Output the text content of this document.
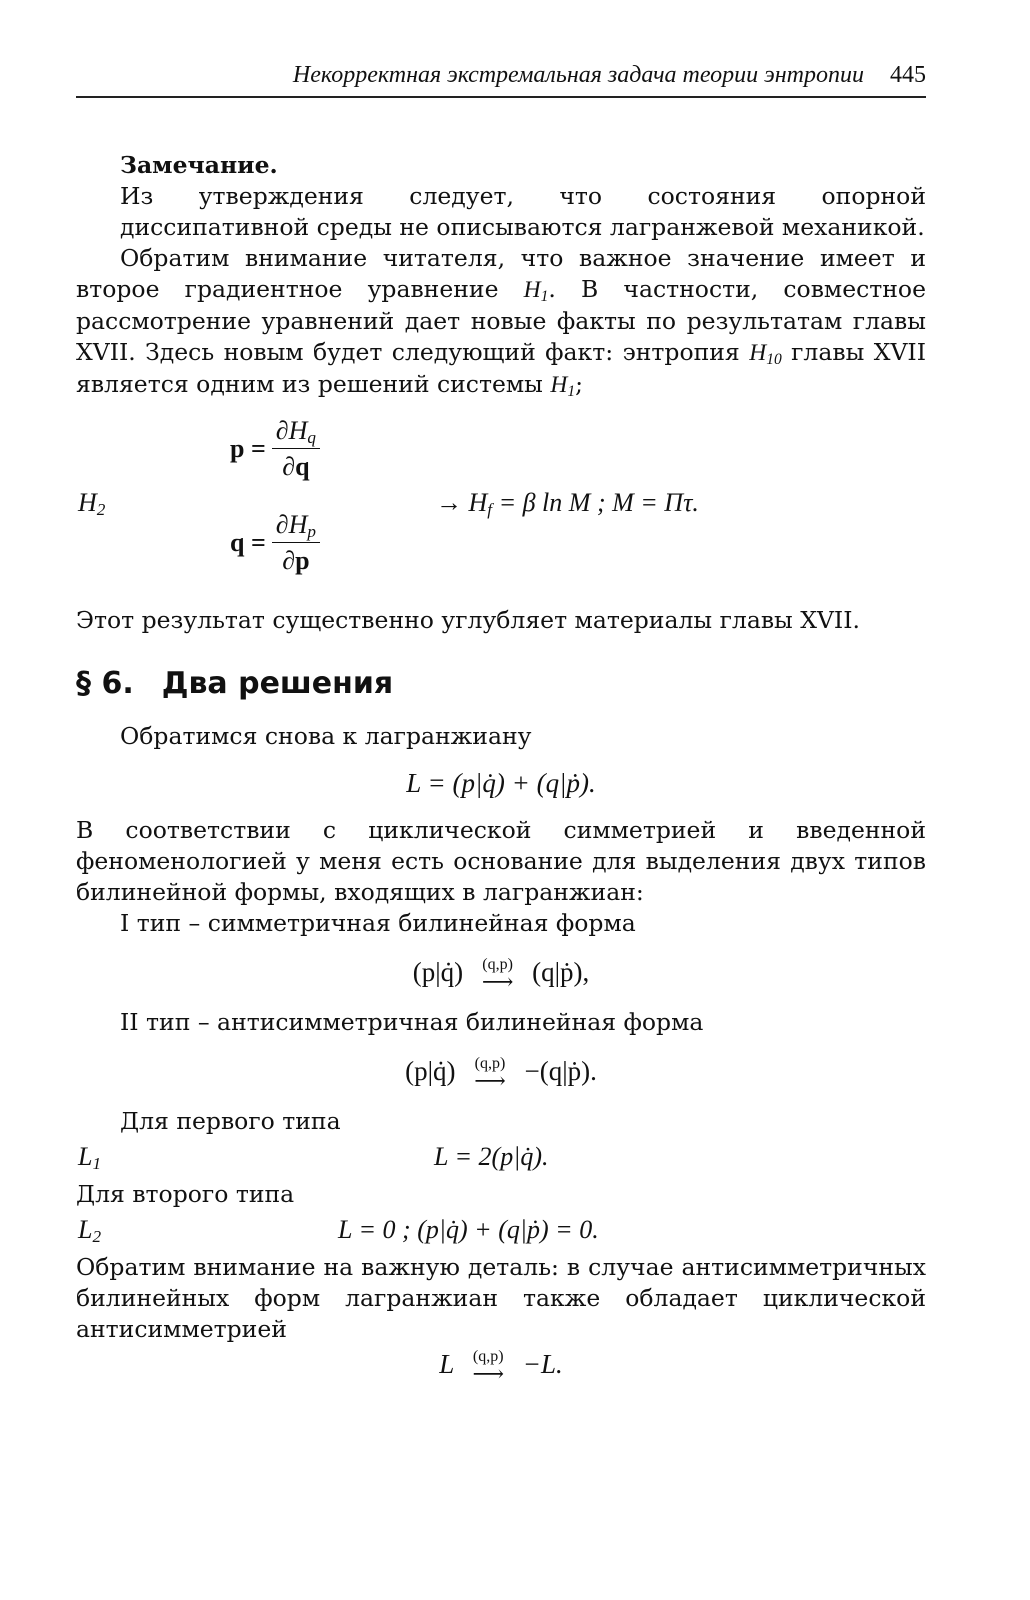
Некорректная экстремальная задача теории энтропии 445
Замечание.

Из утверждения следует, что состояния опорной диссипативной среды не описываются лагранжевой механикой.

Обратим внимание читателя, что важное значение имеет и второе градиентное уравнение $H_1$. В частности, совместное рассмотрение уравнений дает новые факты по результатам главы XVII. Здесь новым будет следующий факт: энтропия $H_{10}$ главы XVII является одним из решений системы $H_1$;

$H_2$
$p = \frac{\partial H_q}{\partial q}$
$q = \frac{\partial H_p}{\partial p}$
→ $H_f = \beta$ ln M ; M = Πτ.

Этот результат существенно углубляет материалы главы XVII.

§ 6. Два решения

Обратимся снова к лагранжиану

L = (p|q̇) + (q|ṗ).

В соответствии с циклической симметрией и введенной феноменологией у меня есть основание для выделения двух типов билинейной формы, входящих в лагранжиан:

I тип – симметричная билинейная форма

(p|q̇) (q,p)
⟶ (q|ṗ),

II тип – антисимметричная билинейная форма

(p|q̇) (q,p)
⟶ −(q|ṗ).

Для первого типа

$L_1$	L = 2(p|q̇).

Для второго типа

$L_2$	L = 0 ; (p|q̇) + (q|ṗ) = 0.

Обратим внимание на важную деталь: в случае антисимметричных билинейных форм лагранжиан также обладает циклической антисимметрией

L (q,p)
⟶ −L.
